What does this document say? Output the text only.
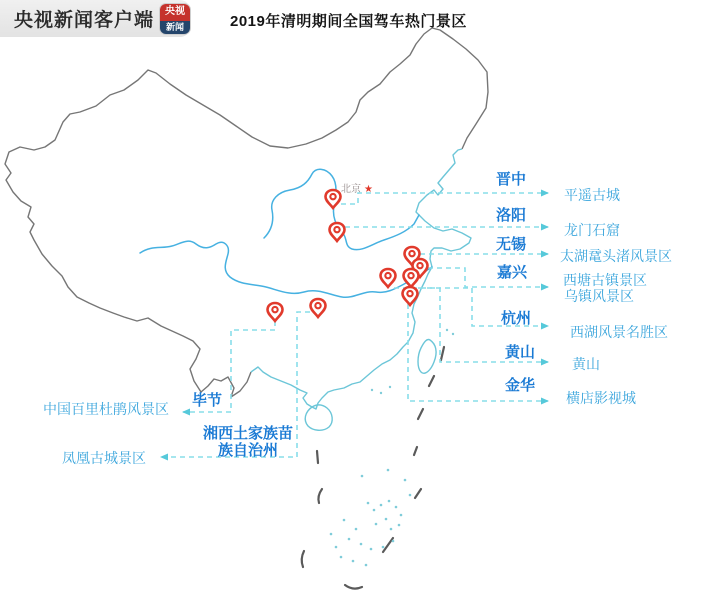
央视新闻客户端	央视
新闻	2019年清明期间全国驾车热门景区
北京 ★
晋中
洛阳
无锡
嘉兴
杭州
黄山
金华
平遥古城
龙门石窟
太湖鼋头渚风景区
西塘古镇景区
乌镇风景区
西湖风景名胜区
黄山
横店影视城
毕节
中国百里杜鹃风景区
湘西土家族苗
族自治州
凤凰古城景区
